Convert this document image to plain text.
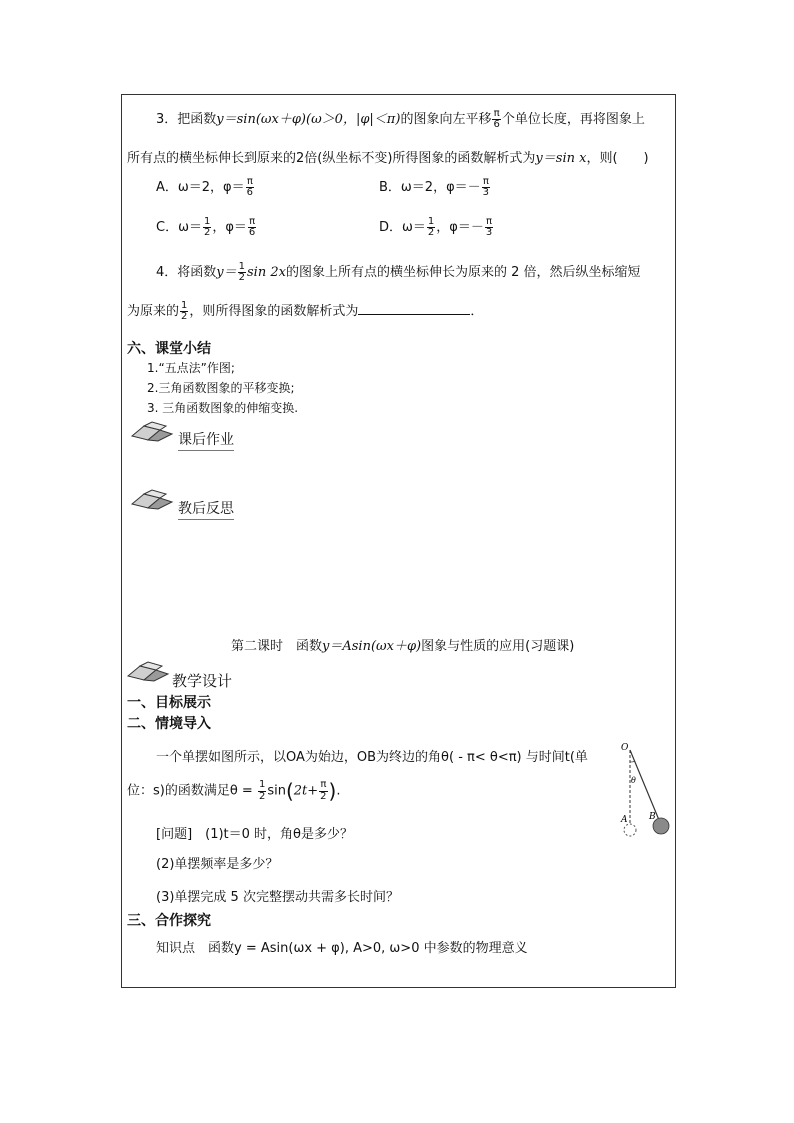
3．把函数y＝sin(ωx＋φ)(ω＞0，|φ|＜π)的图象向左平移 $\frac{\pi}{6}$ 个单位长度，再将图象上
所有点的横坐标伸长到原来的2倍(纵坐标不变)所得图象的函数解析式为y＝sin x，则(　　)
A．ω＝2，$\varphi= \frac{\pi}{6}$	B．ω＝2，$\varphi=- \frac{\pi}{3}$
C．$\omega= \frac{1}{2}$ ，$\varphi= \frac{\pi}{6}$	D．$\omega= \frac{1}{2}$ ，$\varphi=- \frac{\pi}{3}$
4．将函数$y= \frac{1}{2}$ sin 2x的图象上所有点的横坐标伸长为原来的 2 倍，然后纵坐标缩短
为原来的 $\frac{1}{2}$ ，则所得图象的函数解析式为	．
六、课堂小结
1.“五点法”作图;
2.三角函数图象的平移变换;
3. 三角函数图象的伸缩变换.
课后作业
教后反思
第二课时　函数y＝Asin(ωx＋φ)图象与性质的应用(习题课)
教学设计
一、目标展示
二、情境导入
一个单摆如图所示，以OA为始边，OB为终边的角θ( - π< θ<π) 与时间t(单
位：s)的函数满足$\theta = \frac{1}{2} \sin(2t+ \frac{\pi}{2}$ ).
[问题]　(1)t＝0 时，角θ是多少？
(2)单摆频率是多少？
(3)单摆完成 5 次完整摆动共需多长时间？
三、合作探究
知识点　函数y = Asin(ωx + φ), A>0, ω>0 中参数的物理意义
O
θ
A B
